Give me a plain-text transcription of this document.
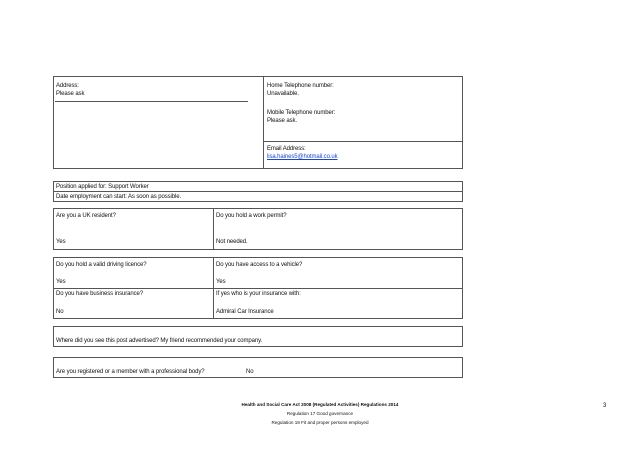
Address:
Please ask
Home Telephone number:
Unavailable.
Mobile Telephone number:
Please ask.
Email Address:
lisa.haines5@hotmail.co.uk
Position applied for: Support Worker
Date employment can start: As soon as possible.
Are you a UK resident?
Yes
Do you hold a work permit?
Not needed.
Do you hold a valid driving licence?
Yes
Do you have access to a vehicle?
Yes
Do you have business insurance?
No
If yes who is your insurance with:
Admiral Car Insurance
Where did you see this post advertised? My friend recommended your company.
Are you registered or a member with a professional body?	No
Health and Social Care Act 2008 (Regulated Activities) Regulations 2014
Regulation 17 Good governance
Regulation 19 Fit and proper persons employed
3
